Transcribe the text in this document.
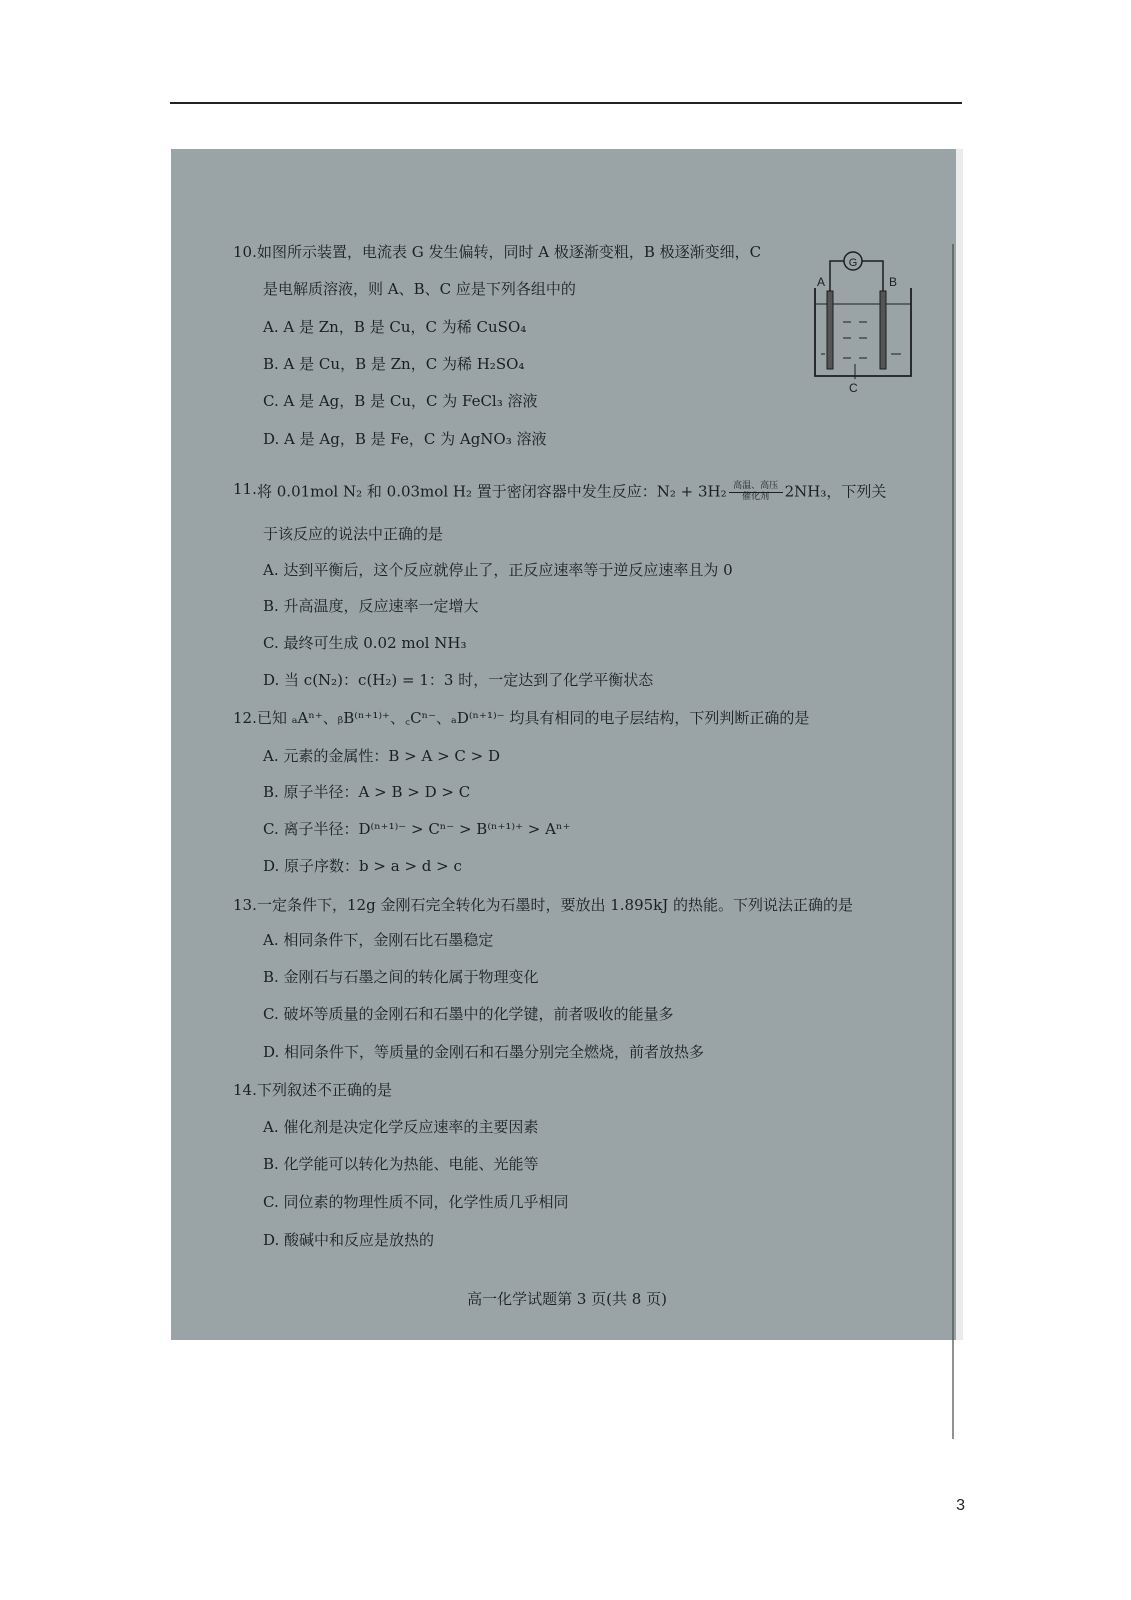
10. 如图所示装置，电流表 G 发生偏转，同时 A 极逐渐变粗，B 极逐渐变细，C
是电解质溶液，则 A、B、C 应是下列各组中的
A. A 是 Zn，B 是 Cu，C 为稀 CuSO₄
B. A 是 Cu，B 是 Zn，C 为稀 H₂SO₄
C. A 是 Ag，B 是 Cu，C 为 FeCl₃ 溶液
D. A 是 Ag，B 是 Fe，C 为 AgNO₃ 溶液
G
A	B
C
11. 将 0.01mol N₂ 和 0.03mol H₂ 置于密闭容器中发生反应：$N_2 + 3H_2 \frac{\text{高温、高压}}{\text{催化剂}} 2NH_3$，下列关
于该反应的说法中正确的是
A. 达到平衡后，这个反应就停止了，正反应速率等于逆反应速率且为 0
B. 升高温度，反应速率一定增大
C. 最终可生成 0.02 mol NH₃
D. 当 c(N₂)：c(H₂) = 1：3 时，一定达到了化学平衡状态
12. 已知 ₐAⁿ⁺、ᵦB⁽ⁿ⁺¹⁾⁺、꜀Cⁿ⁻、ₐD⁽ⁿ⁺¹⁾⁻ 均具有相同的电子层结构，下列判断正确的是
A. 元素的金属性：B > A > C > D
B. 原子半径：A > B > D > C
C. 离子半径：D⁽ⁿ⁺¹⁾⁻ > Cⁿ⁻ > B⁽ⁿ⁺¹⁾⁺ > Aⁿ⁺
D. 原子序数：b > a > d > c
13. 一定条件下，12g 金刚石完全转化为石墨时，要放出 1.895kJ 的热能。下列说法正确的是
A. 相同条件下，金刚石比石墨稳定
B. 金刚石与石墨之间的转化属于物理变化
C. 破坏等质量的金刚石和石墨中的化学键，前者吸收的能量多
D. 相同条件下，等质量的金刚石和石墨分别完全燃烧，前者放热多
14. 下列叙述不正确的是
A. 催化剂是决定化学反应速率的主要因素
B. 化学能可以转化为热能、电能、光能等
C. 同位素的物理性质不同，化学性质几乎相同
D. 酸碱中和反应是放热的
高一化学试题第 3 页(共 8 页)
3
